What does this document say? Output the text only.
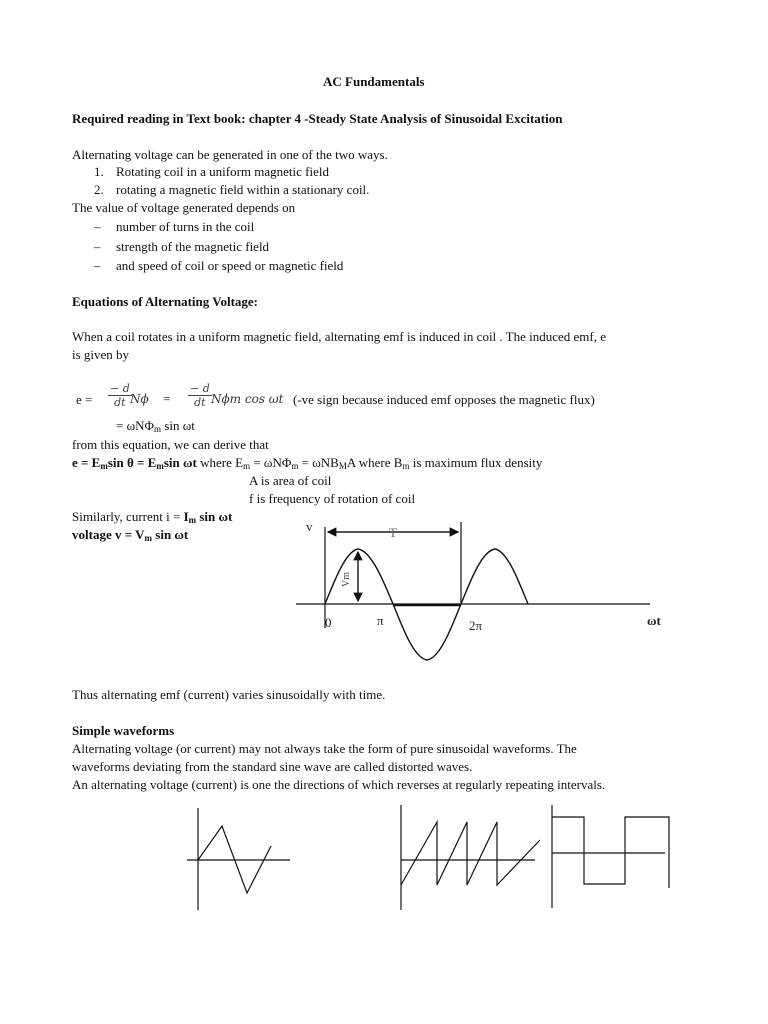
AC Fundamentals
Required reading in Text book: chapter 4 -Steady State Analysis of Sinusoidal Excitation
Alternating voltage can be generated in one of the two ways.
1. Rotating coil in a uniform magnetic field
2. rotating a magnetic field within a stationary coil.
The value of voltage generated depends on
– number of turns in the coil
– strength of the magnetic field
– and speed of coil or speed or magnetic field
Equations of Alternating Voltage:
When a coil rotates in a uniform magnetic field, alternating emf is induced in coil . The induced emf, e
is given by
$e = \frac{- d}{dt}$
$N\phi = \frac{- d}{dt}$ Nϕm cos ωt (-ve sign because induced emf opposes the magnetic flux)
= ωNΦ$_m$ sin ωt
from this equation, we can derive that
$e = E_m\sin$ $\theta = E_m\sin$ ωt where $E_m = \omega N\Phi_m = \omega NB_MA$ where $B_m$ is maximum flux density
A is area of coil
f is frequency of rotation of coil
Similarly, current $i = I_m$ sin ωt
voltage $v = V_m$ sin ωt
v	T
Vm
0	π	2π	ωt
Thus alternating emf (current) varies sinusoidally with time.
Simple waveforms
Alternating voltage (or current) may not always take the form of pure sinusoidal waveforms. The
waveforms deviating from the standard sine wave are called distorted waves.
An alternating voltage (current) is one the directions of which reverses at regularly repeating intervals.
